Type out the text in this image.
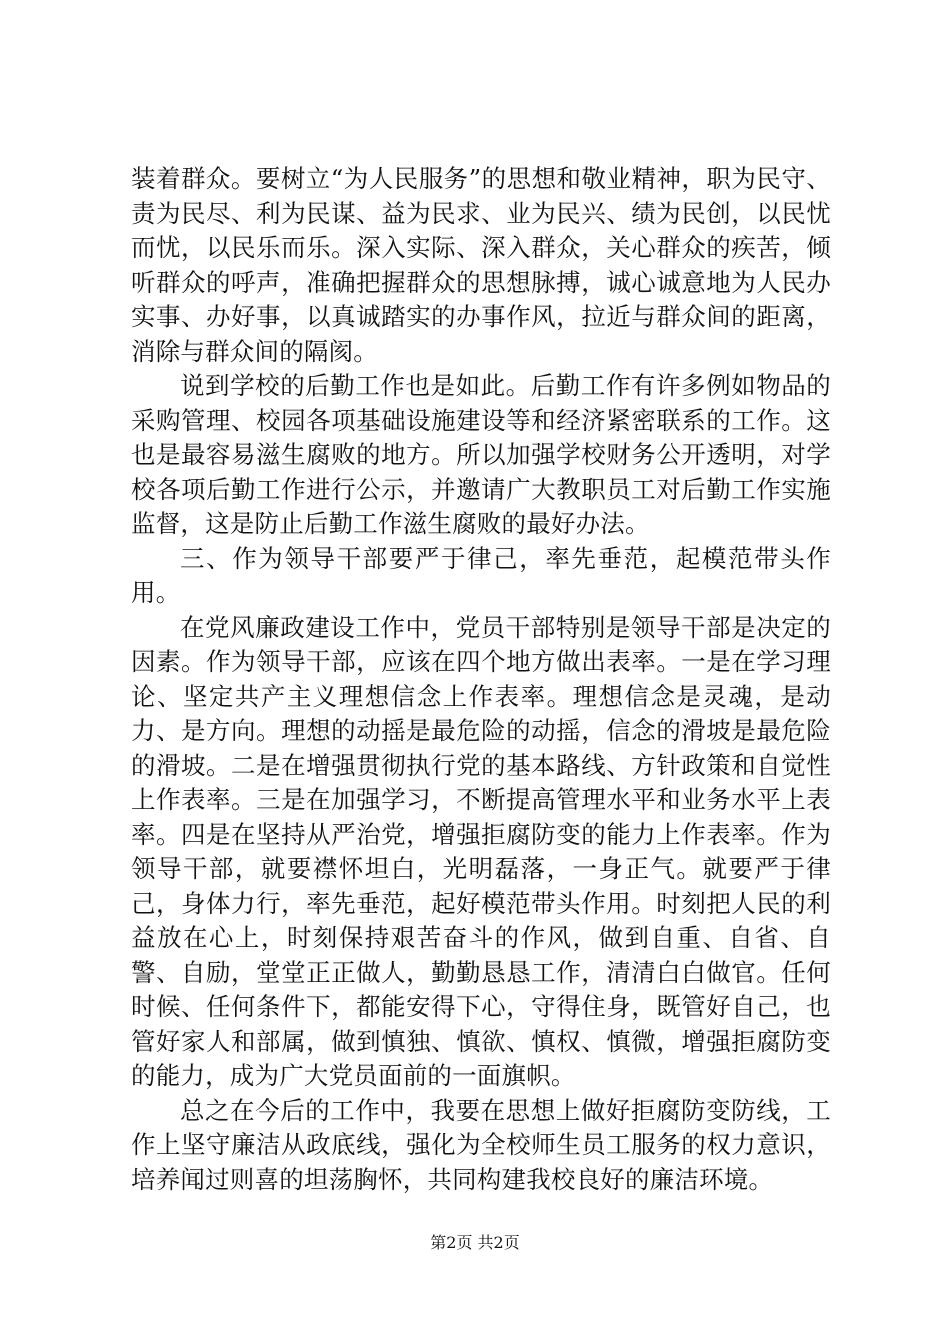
装着群众。要树立“为人民服务”的思想和敬业精神，职为民守、责为民尽、利为民谋、益为民求、业为民兴、绩为民创，以民忧而忧，以民乐而乐。深入实际、深入群众，关心群众的疾苦，倾听群众的呼声，准确把握群众的思想脉搏，诚心诚意地为人民办实事、办好事，以真诚踏实的办事作风，拉近与群众间的距离，消除与群众间的隔阂。

说到学校的后勤工作也是如此。后勤工作有许多例如物品的采购管理、校园各项基础设施建设等和经济紧密联系的工作。这也是最容易滋生腐败的地方。所以加强学校财务公开透明，对学校各项后勤工作进行公示，并邀请广大教职员工对后勤工作实施监督，这是防止后勤工作滋生腐败的最好办法。

三、作为领导干部要严于律己，率先垂范，起模范带头作用。

在党风廉政建设工作中，党员干部特别是领导干部是决定的因素。作为领导干部，应该在四个地方做出表率。一是在学习理论、坚定共产主义理想信念上作表率。理想信念是灵魂，是动力、是方向。理想的动摇是最危险的动摇，信念的滑坡是最危险的滑坡。二是在增强贯彻执行党的基本路线、方针政策和自觉性上作表率。三是在加强学习，不断提高管理水平和业务水平上表率。四是在坚持从严治党，增强拒腐防变的能力上作表率。作为领导干部，就要襟怀坦白，光明磊落，一身正气。就要严于律己，身体力行，率先垂范，起好模范带头作用。时刻把人民的利益放在心上，时刻保持艰苦奋斗的作风，做到自重、自省、自警、自励，堂堂正正做人，勤勤恳恳工作，清清白白做官。任何时候、任何条件下，都能安得下心，守得住身，既管好自己，也管好家人和部属，做到慎独、慎欲、慎权、慎微，增强拒腐防变的能力，成为广大党员面前的一面旗帜。

总之在今后的工作中，我要在思想上做好拒腐防变防线，工作上坚守廉洁从政底线，强化为全校师生员工服务的权力意识，培养闻过则喜的坦荡胸怀，共同构建我校良好的廉洁环境。

第2页 共2页
